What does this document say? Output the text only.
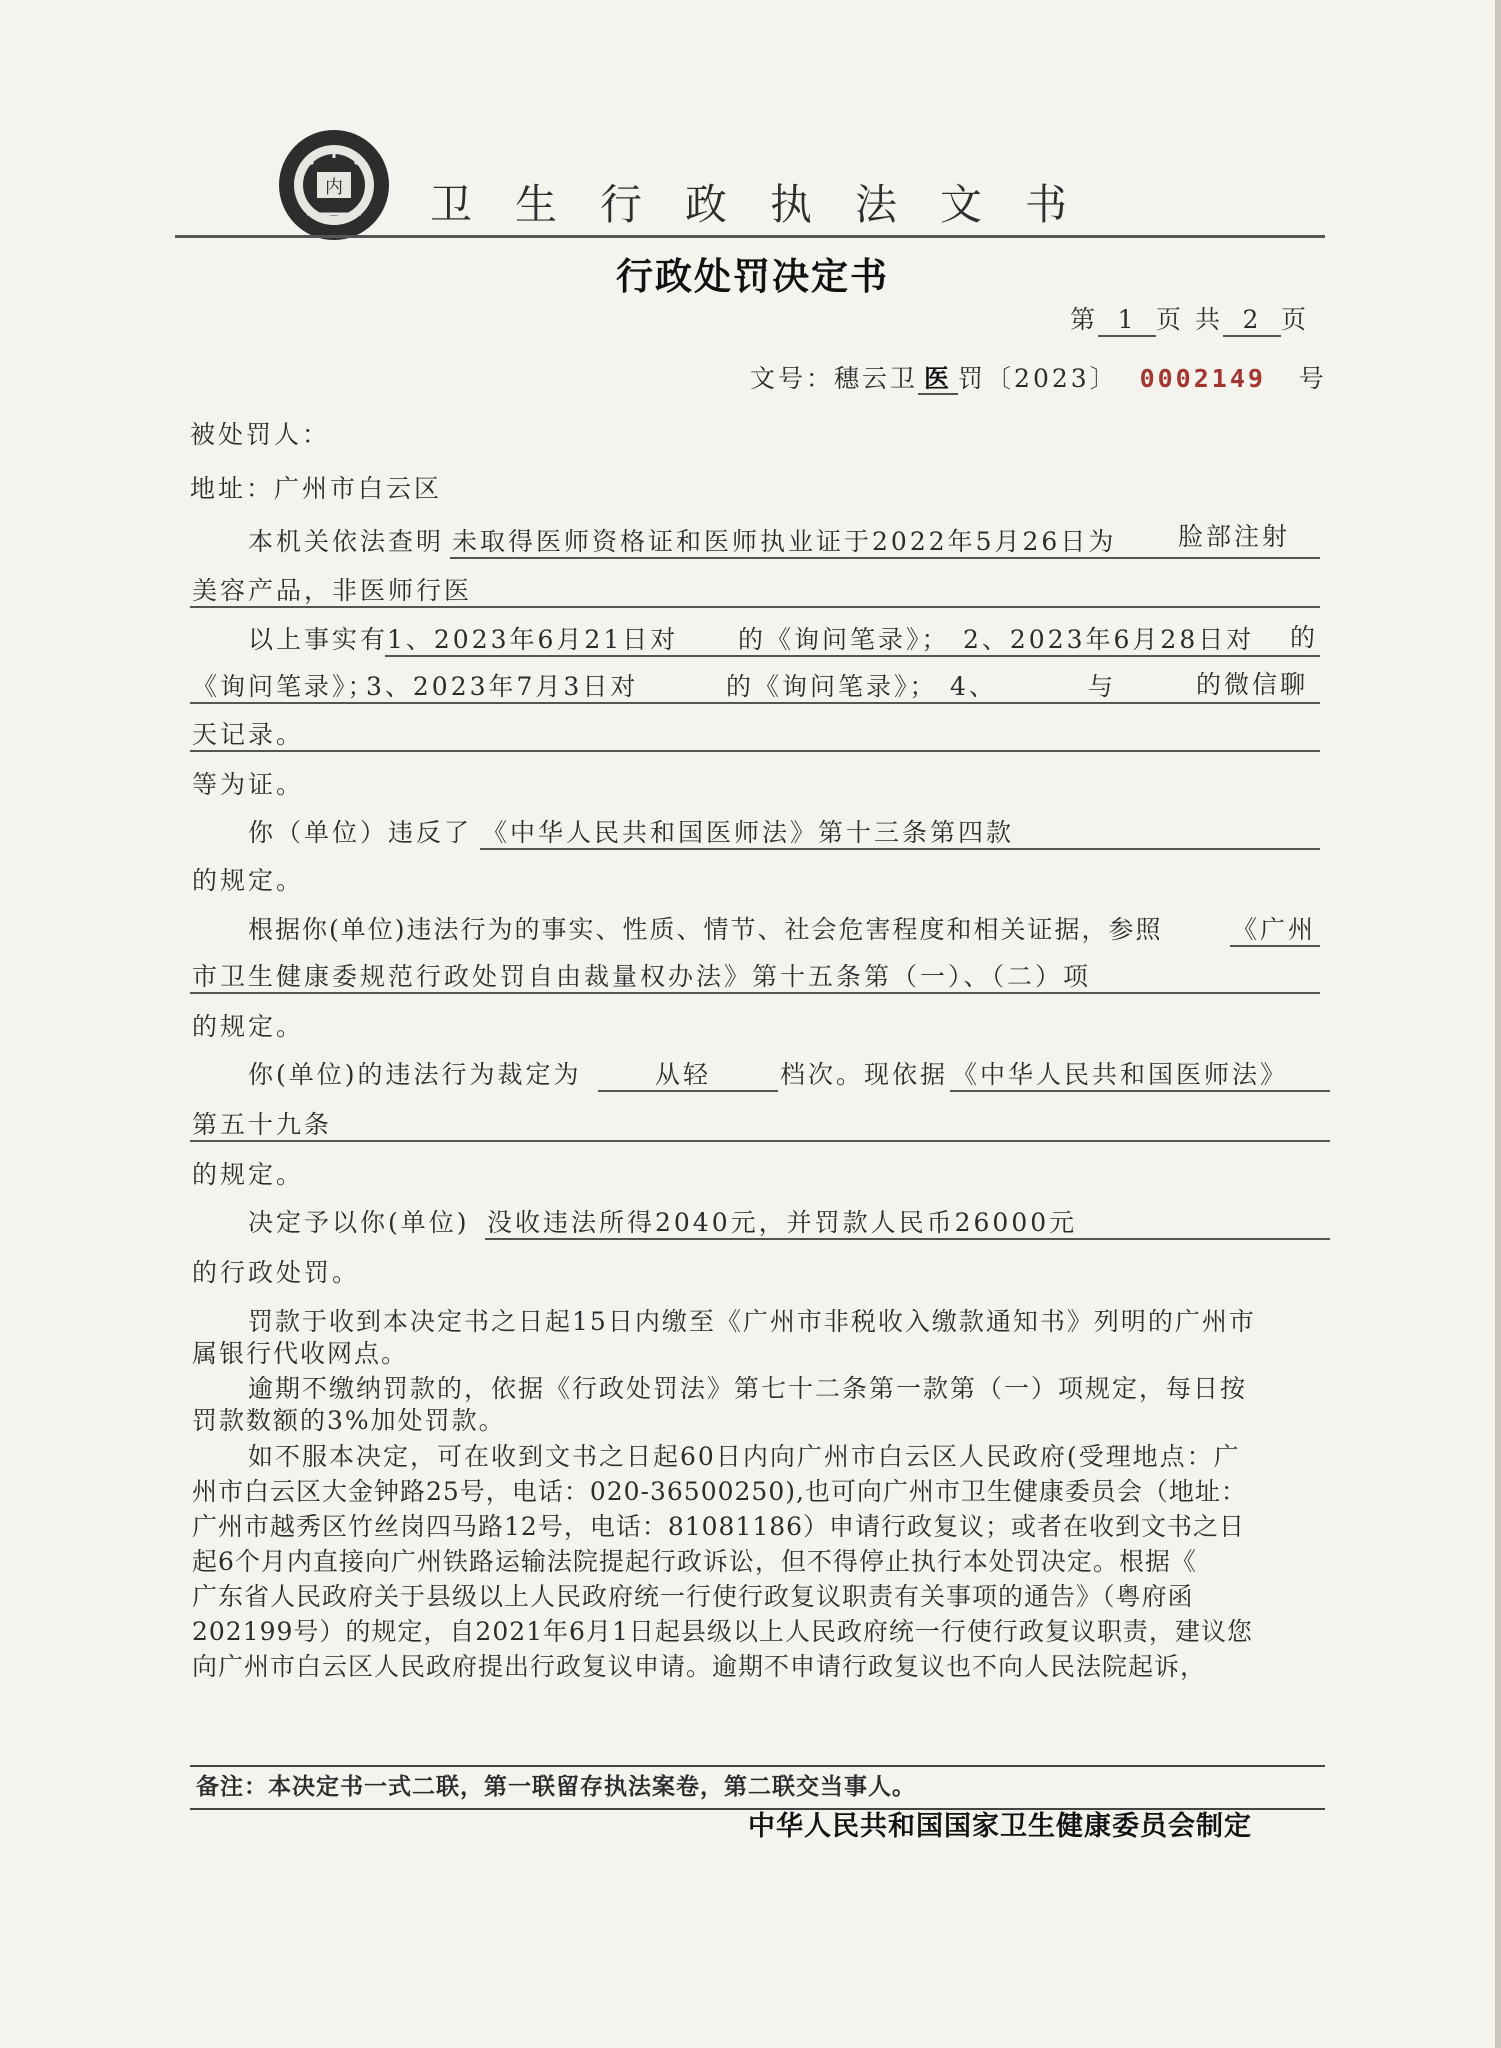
内 卫生行政执法文书
行政处罚决定书
第 1 页 共 2 页
文号：穗云卫 医 罚〔2023〕 0002149 号
被处罚人：
地址：广州市白云区
本机关依法查明 未取得医师资格证和医师执业证于2022年5月26日为 脸部注射
美容产品，非医师行医
以上事实有
1、2023年6月21日对 的《询问笔录》； 2、2023年6月28日对 的
《询问笔录》；
3、2023年7月3日对	的《询问笔录》； 4、	与	的微信聊
天记录。
等为证。
你（单位）违反了 《中华人民共和国医师法》第十三条第四款
的规定。
根据你(单位)违法行为的事实、性质、情节、社会危害程度和相关证据，参照	《广州
市卫生健康委规范行政处罚自由裁量权办法》第十五条第（一）、（二）项
的规定。
你(单位)的违法行为裁定为	从轻	档次。现依据 《中华人民共和国医师法》
第五十九条
的规定。
决定予以你(单位) 没收违法所得2040元，并罚款人民币26000元
的行政处罚。
罚款于收到本决定书之日起15日内缴至《广州市非税收入缴款通知书》列明的广州市
属银行代收网点。
逾期不缴纳罚款的，依据《行政处罚法》第七十二条第一款第（一）项规定，每日按
罚款数额的3%加处罚款。
如不服本决定，可在收到文书之日起60日内向广州市白云区人民政府(受理地点：广
州市白云区大金钟路25号，电话：020-36500250),也可向广州市卫生健康委员会（地址：
广州市越秀区竹丝岗四马路12号，电话：81081186）申请行政复议；或者在收到文书之日
起6个月内直接向广州铁路运输法院提起行政诉讼，但不得停止执行本处罚决定。根据《
广东省人民政府关于县级以上人民政府统一行使行政复议职责有关事项的通告》（粤府函
202199号）的规定，自2021年6月1日起县级以上人民政府统一行使行政复议职责，建议您
向广州市白云区人民政府提出行政复议申请。逾期不申请行政复议也不向人民法院起诉，
备注：本决定书一式二联，第一联留存执法案卷，第二联交当事人。
中华人民共和国国家卫生健康委员会制定
